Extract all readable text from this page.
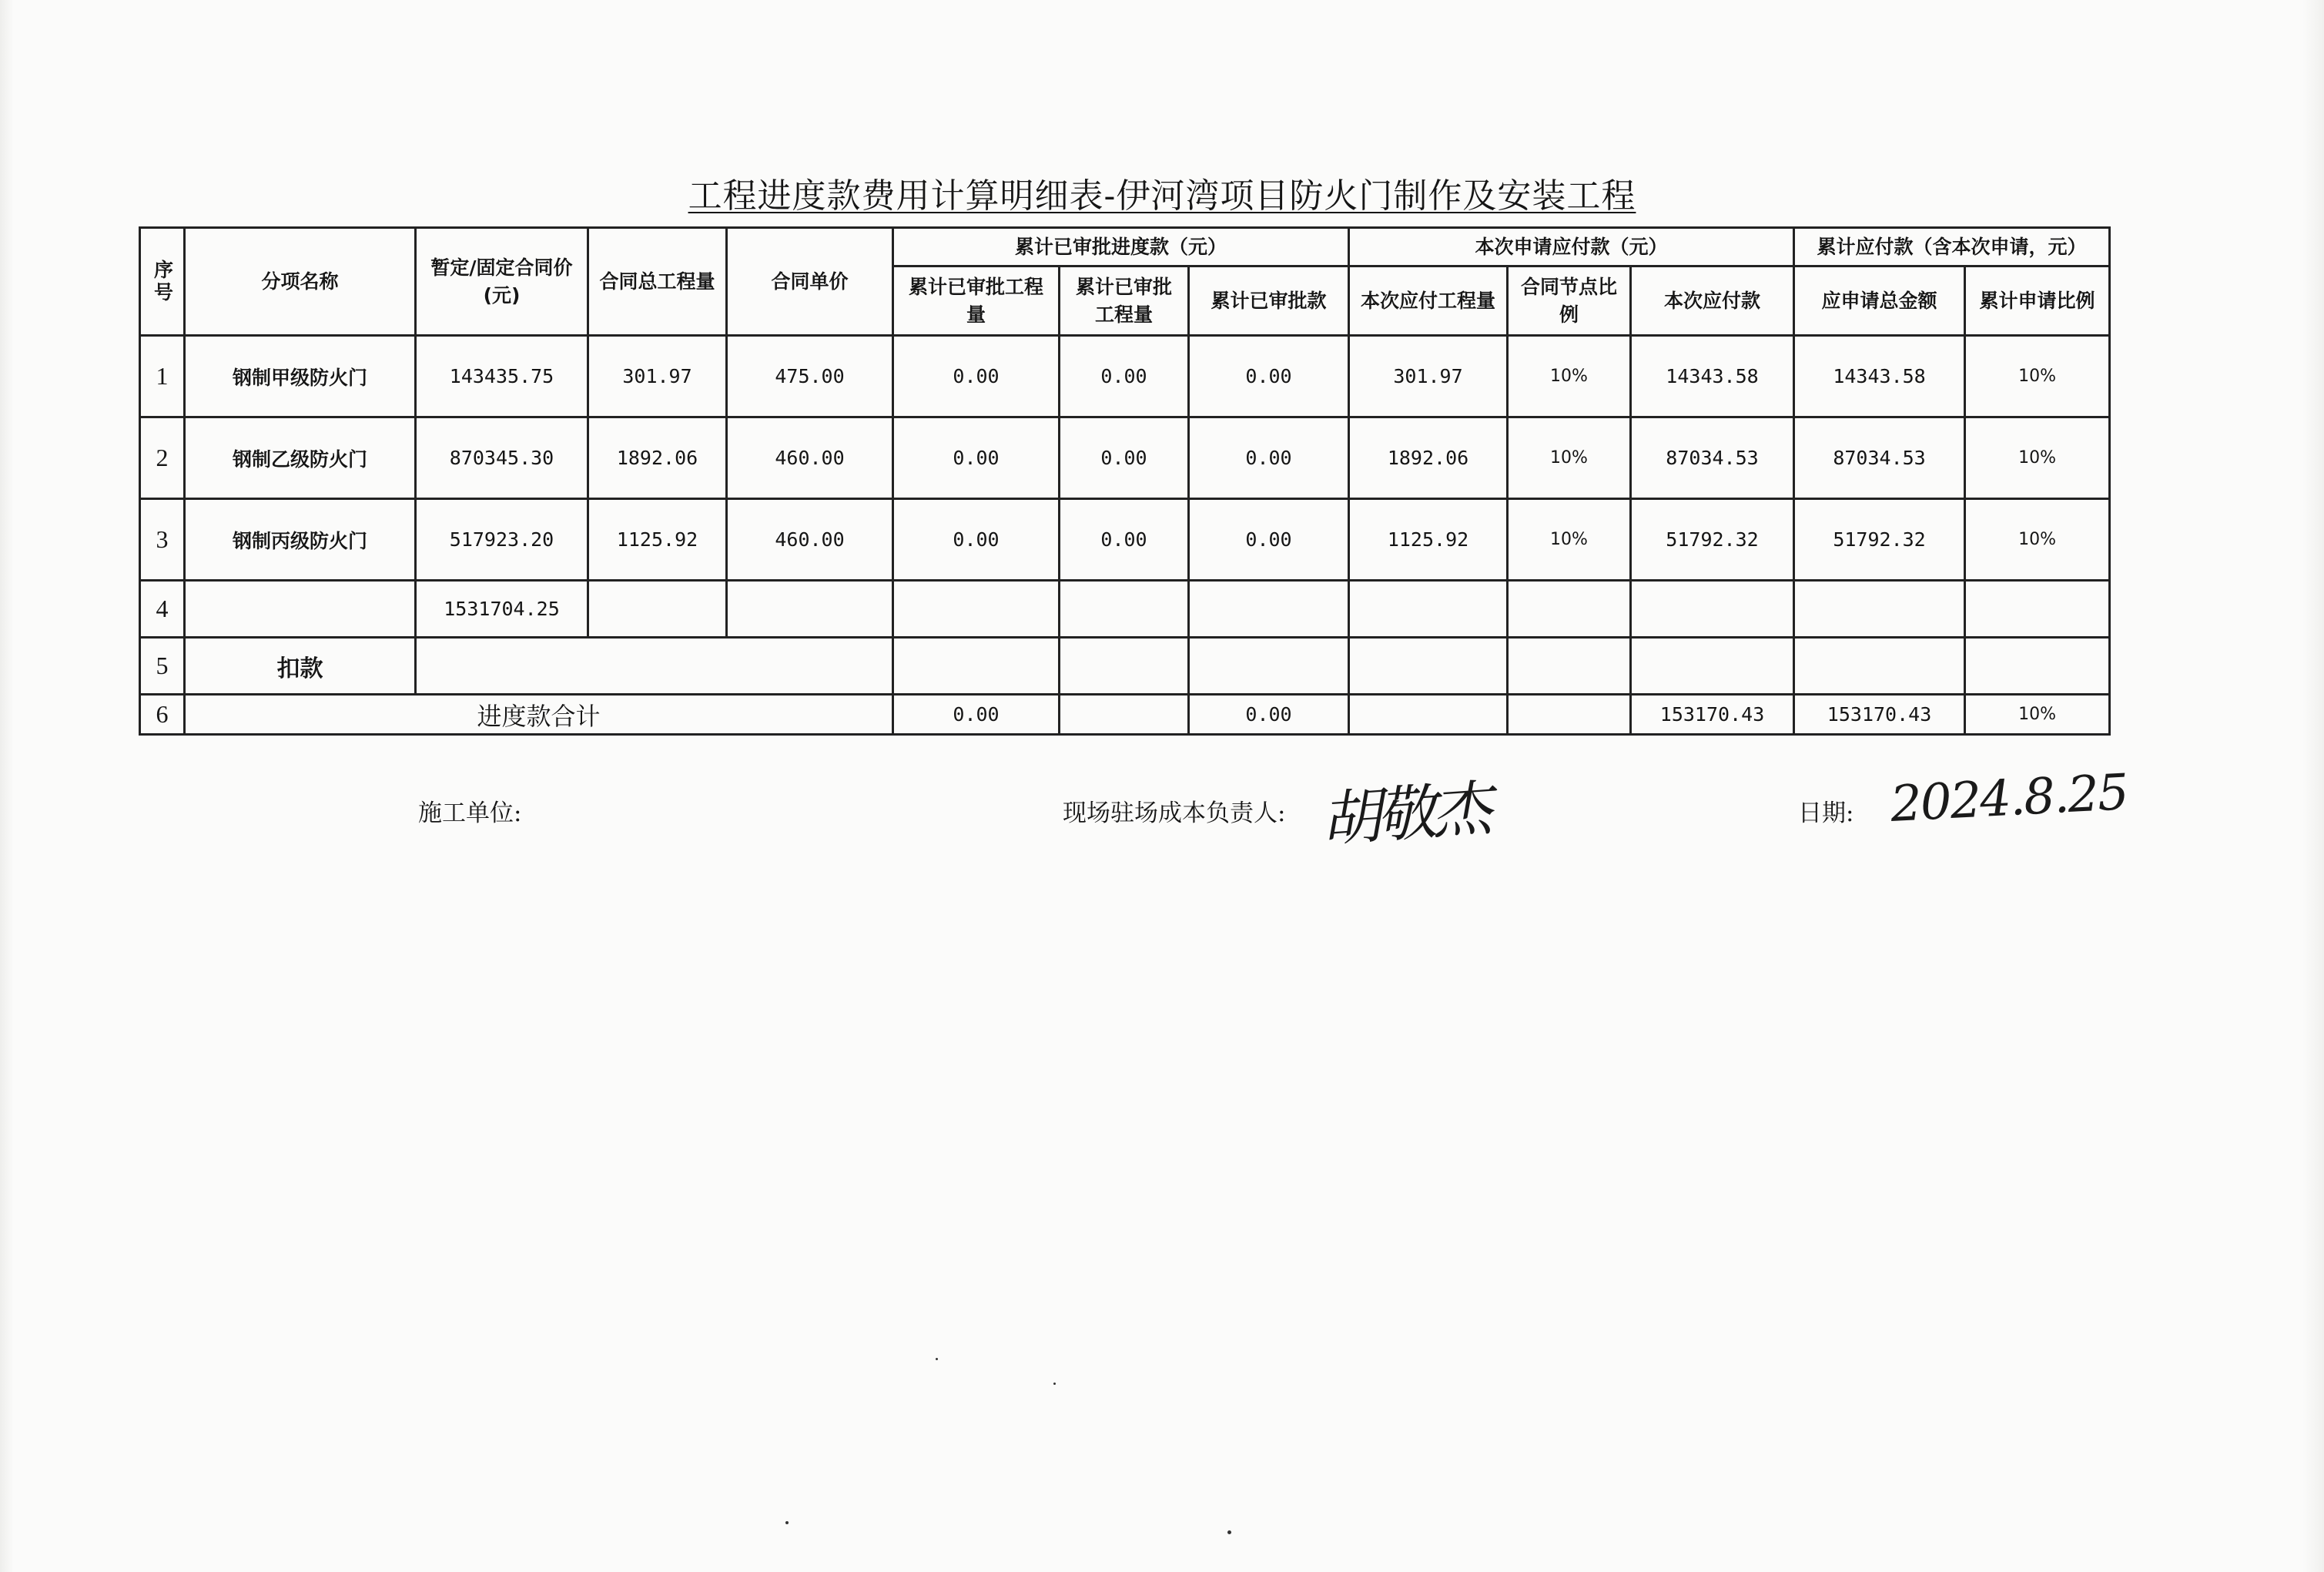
工程进度款费用计算明细表-伊河湾项目防火门制作及安装工程
序号	分项名称	暂定/固定合同价(元)	合同总工程量	合同单价	累计已审批进度款（元）			本次申请应付款（元）			累计应付款（含本次申请，元）	
					累计已审批工程量	累计已审批工程量	累计已审批款	本次应付工程量	合同节点比例	本次应付款	应申请总金额	累计申请比例
1	钢制甲级防火门	143435.75	301.97	475.00	0.00	0.00	0.00	301.97	10%	14343.58	14343.58	10%
2	钢制乙级防火门	870345.30	1892.06	460.00	0.00	0.00	0.00	1892.06	10%	87034.53	87034.53	10%
3	钢制丙级防火门	517923.20	1125.92	460.00	0.00	0.00	0.00	1125.92	10%	51792.32	51792.32	10%
4		1531704.25										
5	扣款											
6	进度款合计				0.00		0.00			153170.43	153170.43	10%
施工单位:	现场驻场成本负责人:	日期:
胡敬杰	2024.8.25
